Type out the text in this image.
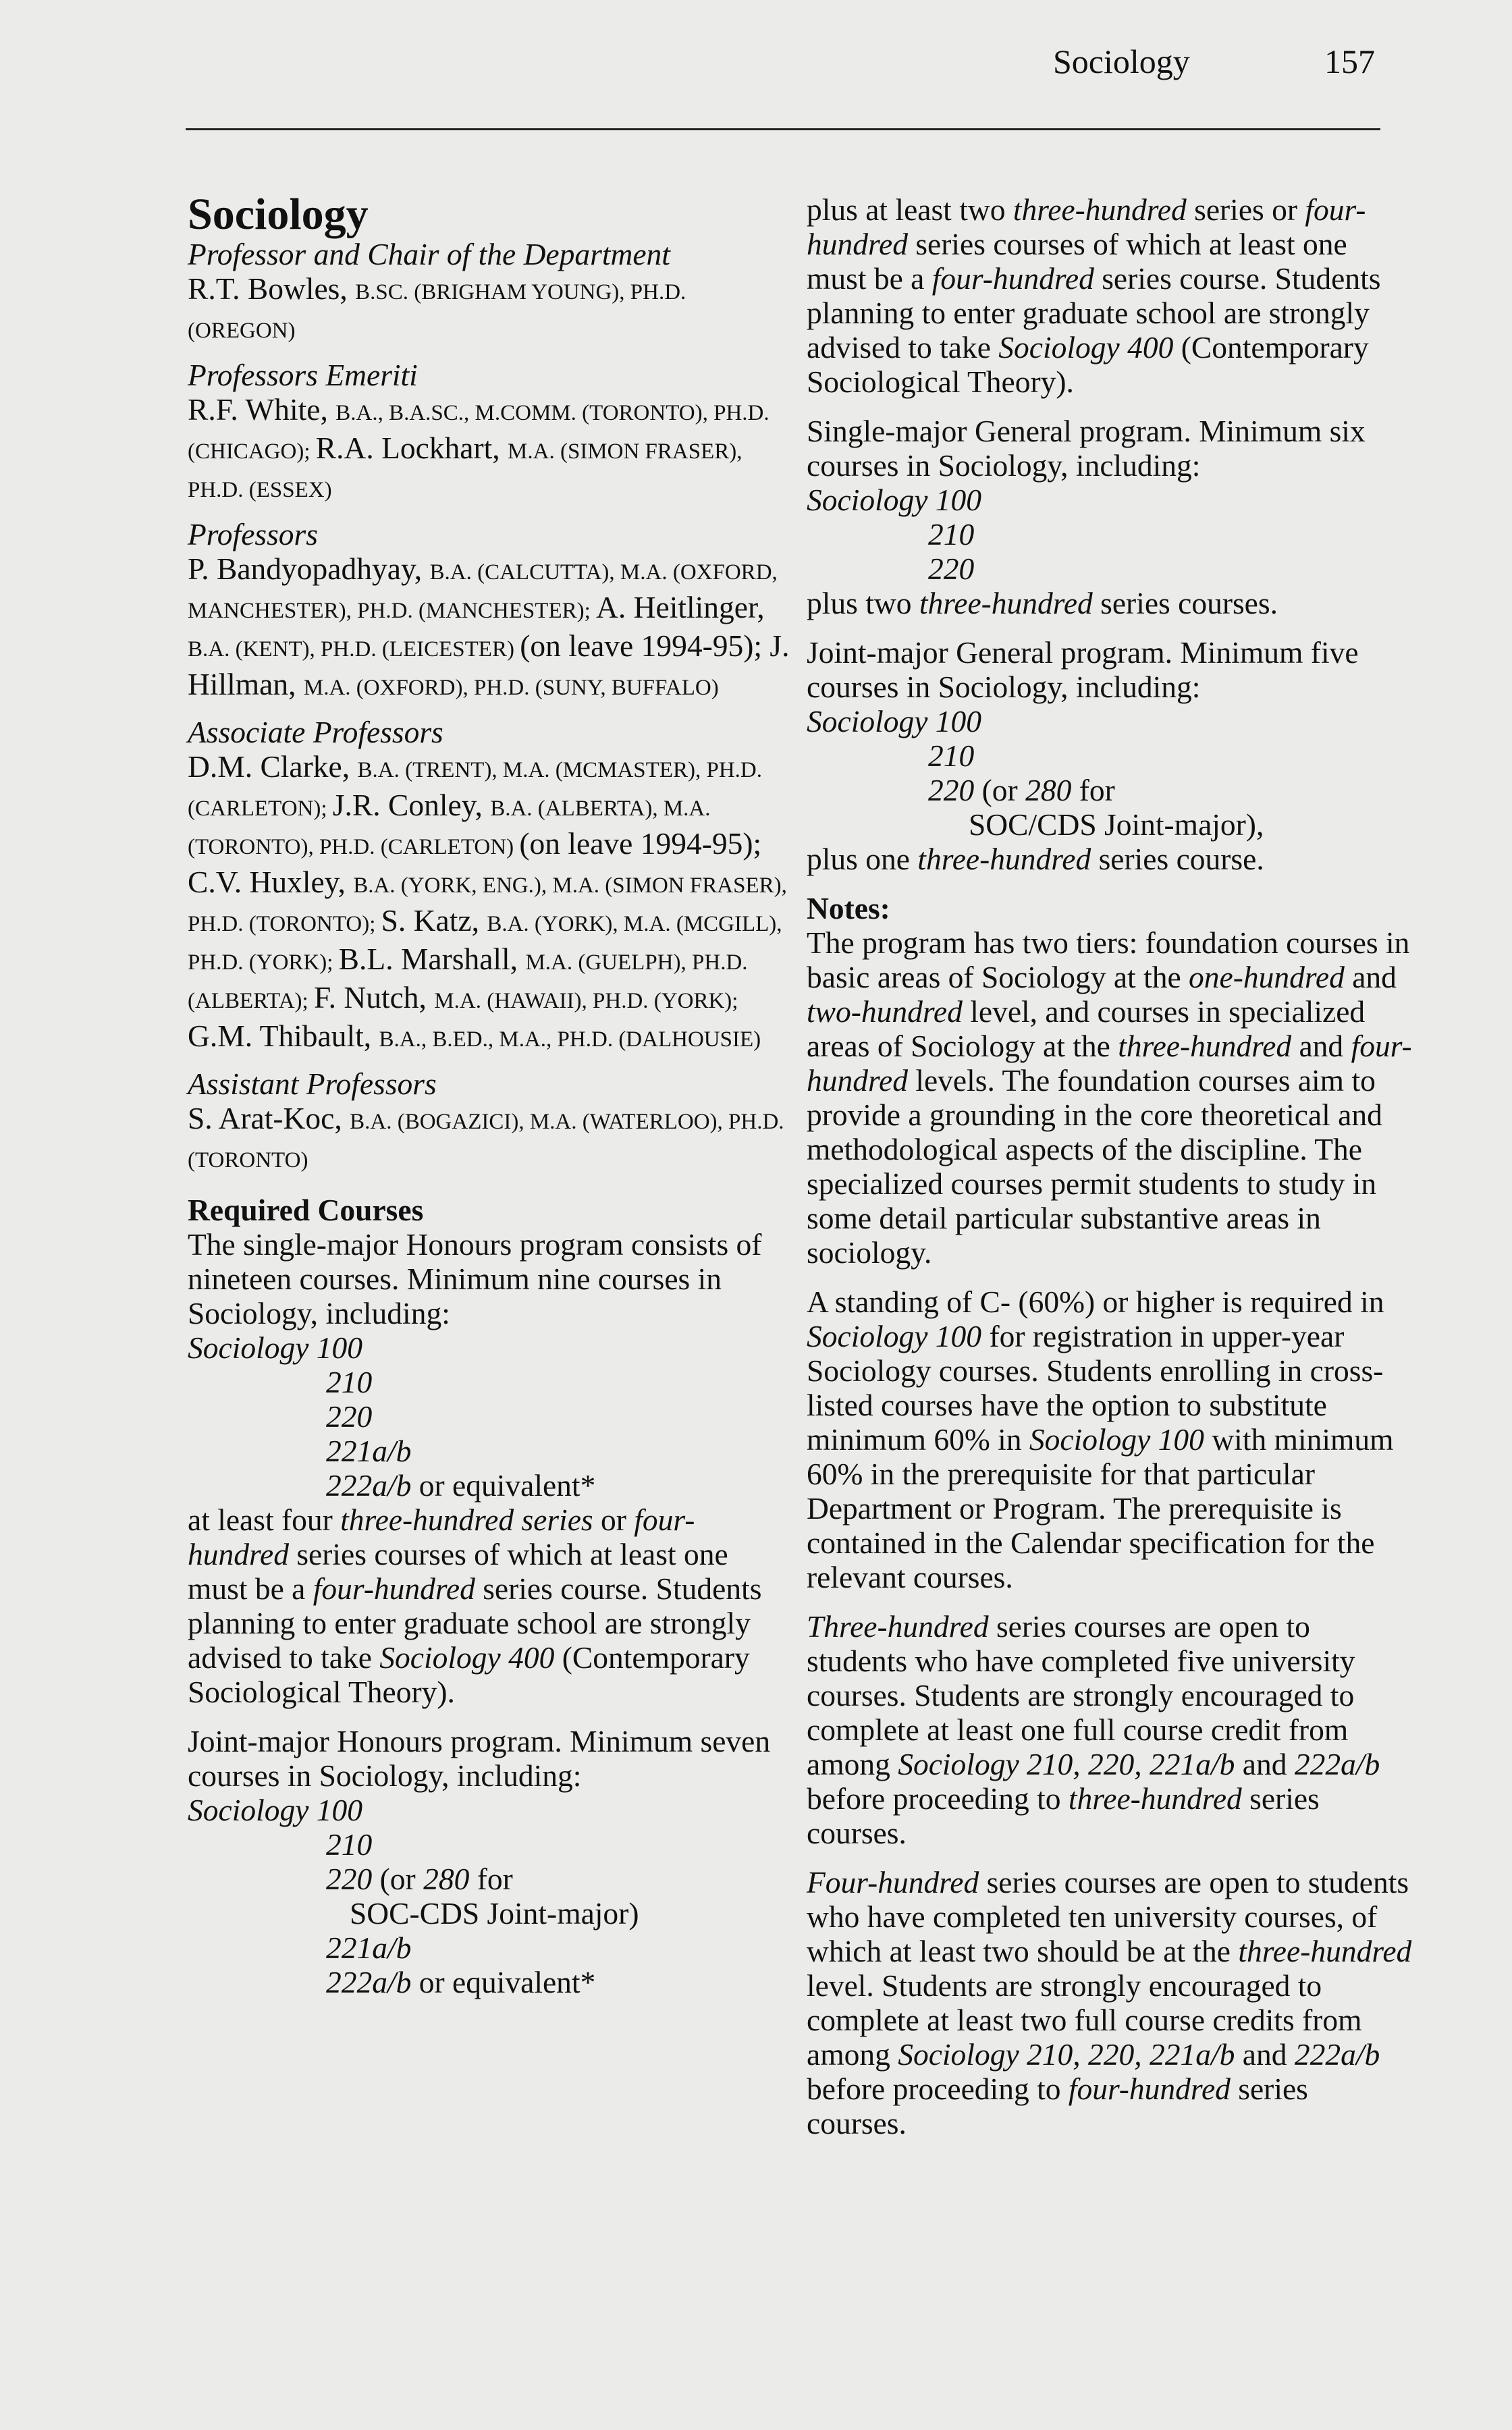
Sociology	157

Sociology

Professor and Chair of the Department

R.T. Bowles, B.SC. (BRIGHAM YOUNG), PH.D. (OREGON)

Professors Emeriti

R.F. White, B.A., B.A.SC., M.COMM. (TORONTO), PH.D. (CHICAGO); R.A. Lockhart, M.A. (SIMON FRASER), PH.D. (ESSEX)

Professors

P. Bandyopadhyay, B.A. (CALCUTTA), M.A. (OXFORD, MANCHESTER), PH.D. (MANCHESTER); A. Heitlinger, B.A. (KENT), PH.D. (LEICESTER) (on leave 1994-95); J. Hillman, M.A. (OXFORD), PH.D. (SUNY, BUFFALO)

Associate Professors

D.M. Clarke, B.A. (TRENT), M.A. (MCMASTER), PH.D. (CARLETON); J.R. Conley, B.A. (ALBERTA), M.A. (TORONTO), PH.D. (CARLETON) (on leave 1994-95); C.V. Huxley, B.A. (YORK, ENG.), M.A. (SIMON FRASER), PH.D. (TORONTO); S. Katz, B.A. (YORK), M.A. (MCGILL), PH.D. (YORK); B.L. Marshall, M.A. (GUELPH), PH.D. (ALBERTA); F. Nutch, M.A. (HAWAII), PH.D. (YORK); G.M. Thibault, B.A., B.ED., M.A., PH.D. (DALHOUSIE)

Assistant Professors

S. Arat-Koc, B.A. (BOGAZICI), M.A. (WATERLOO), PH.D. (TORONTO)

Required Courses

The single-major Honours program consists of nineteen courses. Minimum nine courses in Sociology, including:

Sociology 100

210

220

221a/b

222a/b or equivalent*

at least four three-hundred series or four-hundred series courses of which at least one must be a four-hundred series course. Students planning to enter graduate school are strongly advised to take Sociology 400 (Contemporary Sociological Theory).

Joint-major Honours program. Minimum seven courses in Sociology, including:

Sociology 100

210

220 (or 280 for

SOC-CDS Joint-major)

221a/b

222a/b or equivalent*

plus at least two three-hundred series or four-hundred series courses of which at least one must be a four-hundred series course. Students planning to enter graduate school are strongly advised to take Sociology 400 (Contemporary Sociological Theory).

Single-major General program. Minimum six courses in Sociology, including:

Sociology 100

210

220

plus two three-hundred series courses.

Joint-major General program. Minimum five courses in Sociology, including:

Sociology 100

210

220 (or 280 for

SOC/CDS Joint-major),

plus one three-hundred series course.

Notes:

The program has two tiers: foundation courses in basic areas of Sociology at the one-hundred and two-hundred level, and courses in specialized areas of Sociology at the three-hundred and four-hundred levels. The foundation courses aim to provide a grounding in the core theoretical and methodological aspects of the discipline. The specialized courses permit students to study in some detail particular substantive areas in sociology.

A standing of C- (60%) or higher is required in Sociology 100 for registration in upper-year Sociology courses. Students enrolling in cross-listed courses have the option to substitute minimum 60% in Sociology 100 with minimum 60% in the prerequisite for that particular Department or Program. The prerequisite is contained in the Calendar specification for the relevant courses.

Three-hundred series courses are open to students who have completed five university courses. Students are strongly encouraged to complete at least one full course credit from among Sociology 210, 220, 221a/b and 222a/b before proceeding to three-hundred series courses.

Four-hundred series courses are open to students who have completed ten university courses, of which at least two should be at the three-hundred level. Students are strongly encouraged to complete at least two full course credits from among Sociology 210, 220, 221a/b and 222a/b before proceeding to four-hundred series courses.
